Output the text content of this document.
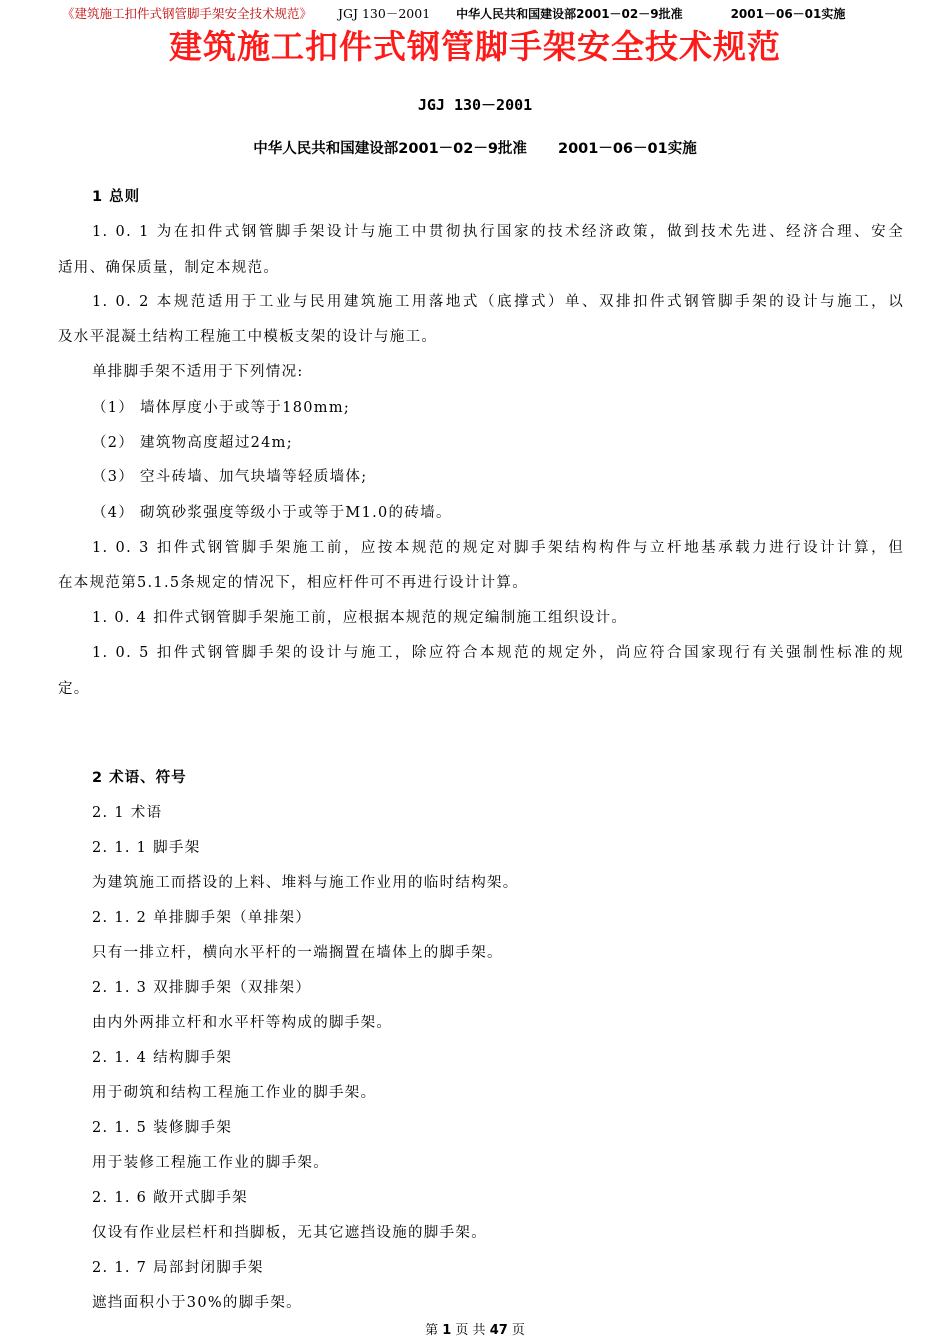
《建筑施工扣件式钢管脚手架安全技术规范》 JGJ 130－2001 中华人民共和国建设部2001－02－9批准	2001－06－01实施
建筑施工扣件式钢管脚手架安全技术规范
JGJ 130－2001
中华人民共和国建设部2001－02－9批准 2001－06－01实施
1 总则
1. 0. 1 为在扣件式钢管脚手架设计与施工中贯彻执行国家的技术经济政策，做到技术先进、经济合理、安全
适用、确保质量，制定本规范。
1. 0. 2 本规范适用于工业与民用建筑施工用落地式（底撑式）单、双排扣件式钢管脚手架的设计与施工，以
及水平混凝土结构工程施工中模板支架的设计与施工。
单排脚手架不适用于下列情况:
（1） 墙体厚度小于或等于180mm;
（2） 建筑物高度超过24m;
（3） 空斗砖墙、加气块墙等轻质墙体;
（4） 砌筑砂浆强度等级小于或等于M1.0的砖墙。
1. 0. 3 扣件式钢管脚手架施工前，应按本规范的规定对脚手架结构构件与立杆地基承载力进行设计计算，但
在本规范第5.1.5条规定的情况下，相应杆件可不再进行设计计算。
1. 0. 4 扣件式钢管脚手架施工前，应根据本规范的规定编制施工组织设计。
1. 0. 5 扣件式钢管脚手架的设计与施工，除应符合本规范的规定外，尚应符合国家现行有关强制性标准的规
定。
2 术语、符号
2. 1 术语
2. 1. 1 脚手架
为建筑施工而搭设的上料、堆料与施工作业用的临时结构架。
2. 1. 2 单排脚手架（单排架）
只有一排立杆，横向水平杆的一端搁置在墙体上的脚手架。
2. 1. 3 双排脚手架（双排架）
由内外两排立杆和水平杆等构成的脚手架。
2. 1. 4 结构脚手架
用于砌筑和结构工程施工作业的脚手架。
2. 1. 5 装修脚手架
用于装修工程施工作业的脚手架。
2. 1. 6 敞开式脚手架
仅设有作业层栏杆和挡脚板，无其它遮挡设施的脚手架。
2. 1. 7 局部封闭脚手架
遮挡面积小于30%的脚手架。
第 1 页 共 47 页
